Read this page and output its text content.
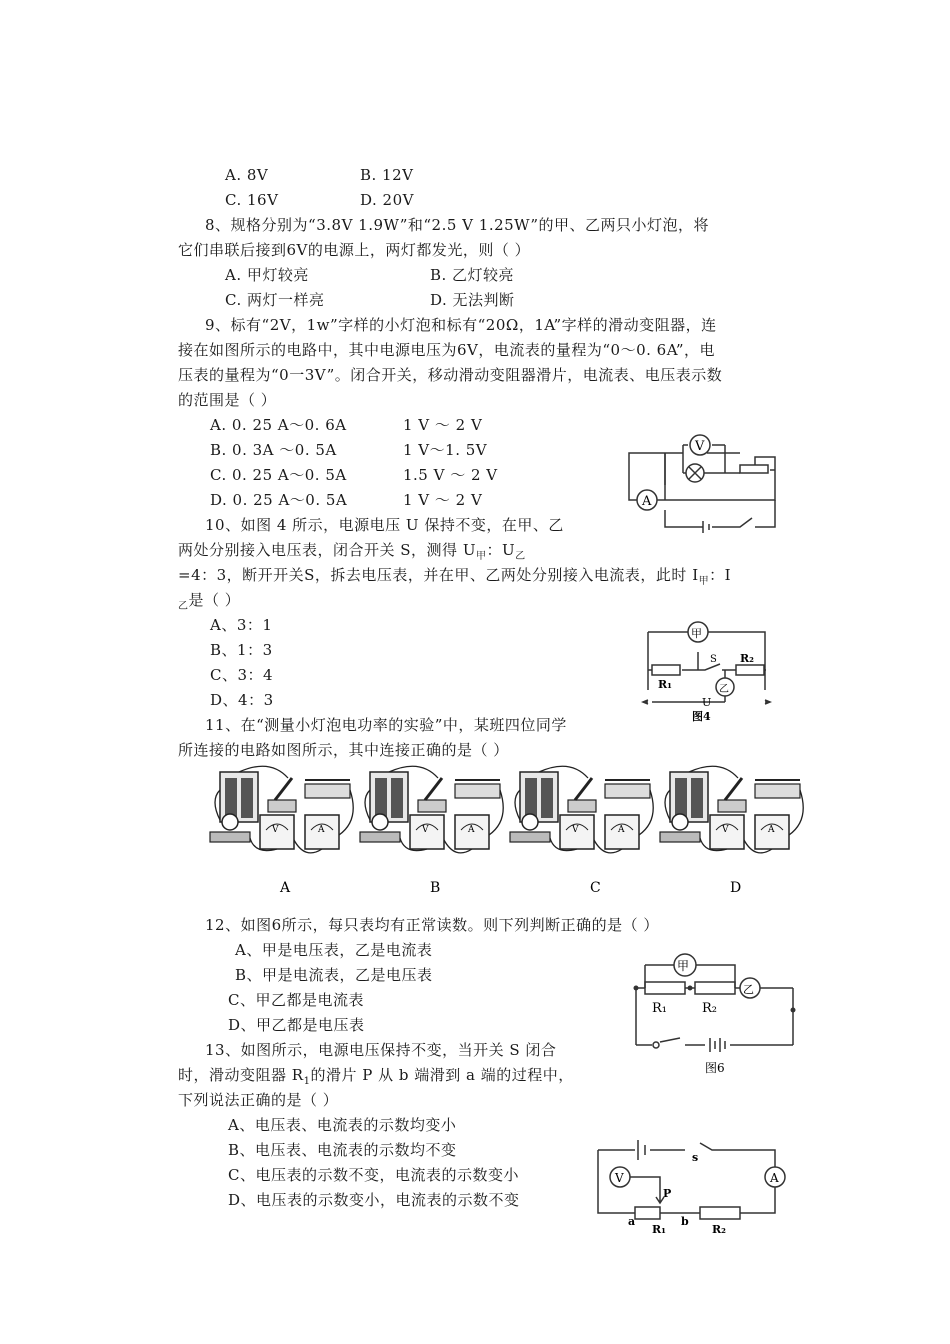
A. 8V	B. 12V
C. 16V	D. 20V
8、规格分别为“3.8V 1.9W”和“2.5 V 1.25W”的甲、乙两只小灯泡，将
它们串联后接到6V的电源上，两灯都发光，则（ ）
A. 甲灯较亮	B. 乙灯较亮
C. 两灯一样亮	D. 无法判断
9、标有“2V，1w”字样的小灯泡和标有“20Ω，1A”字样的滑动变阻器，连
接在如图所示的电路中，其中电源电压为6V，电流表的量程为“0～0. 6A”，电
压表的量程为“0一3V”。闭合开关，移动滑动变阻器滑片，电流表、电压表示数
的范围是（ ）
A. 0. 25 A～0. 6A	1 V ～ 2 V
B. 0. 3A ～0. 5A	1 V～1. 5V
C. 0. 25 A～0. 5A	1.5 V ～ 2 V
D. 0. 25 A～0. 5A	1 V ～ 2 V
V
A
10、如图 4 所示，电源电压 U 保持不变，在甲、乙
两处分别接入电压表，闭合开关 S，测得 $U_甲$：$U_乙$
=4：3，断开开关S，拆去电压表，并在甲、乙两处分别接入电流表，此时 $I_甲$：I
$_乙$是（ ）
A、3：1
B、1：3
C、3：4
D、4：3
甲
乙
R₁
S R₂
U
图4
11、在“测量小灯泡电功率的实验”中，某班四位同学
所连接的电路如图所示，其中连接正确的是（ ）
V	A
A
V	A
B
V	A
C
V	A
D
12、如图6所示，每只表均有正常读数。则下列判断正确的是（ ）
A、甲是电压表，乙是电流表
B、甲是电流表，乙是电压表
C、甲乙都是电流表
D、甲乙都是电压表
甲
乙
R₁	R₂
图6
13、如图所示，电源电压保持不变，当开关 S 闭合
时，滑动变阻器 $R_1$的滑片 P 从 b 端滑到 a 端的过程中，
下列说法正确的是（ ）
A、电压表、电流表的示数均变小
B、电压表、电流表的示数均不变
C、电压表的示数不变，电流表的示数变小
D、电压表的示数变小，电流表的示数不变
V	A
s
P
a	b
R₁	R₂
